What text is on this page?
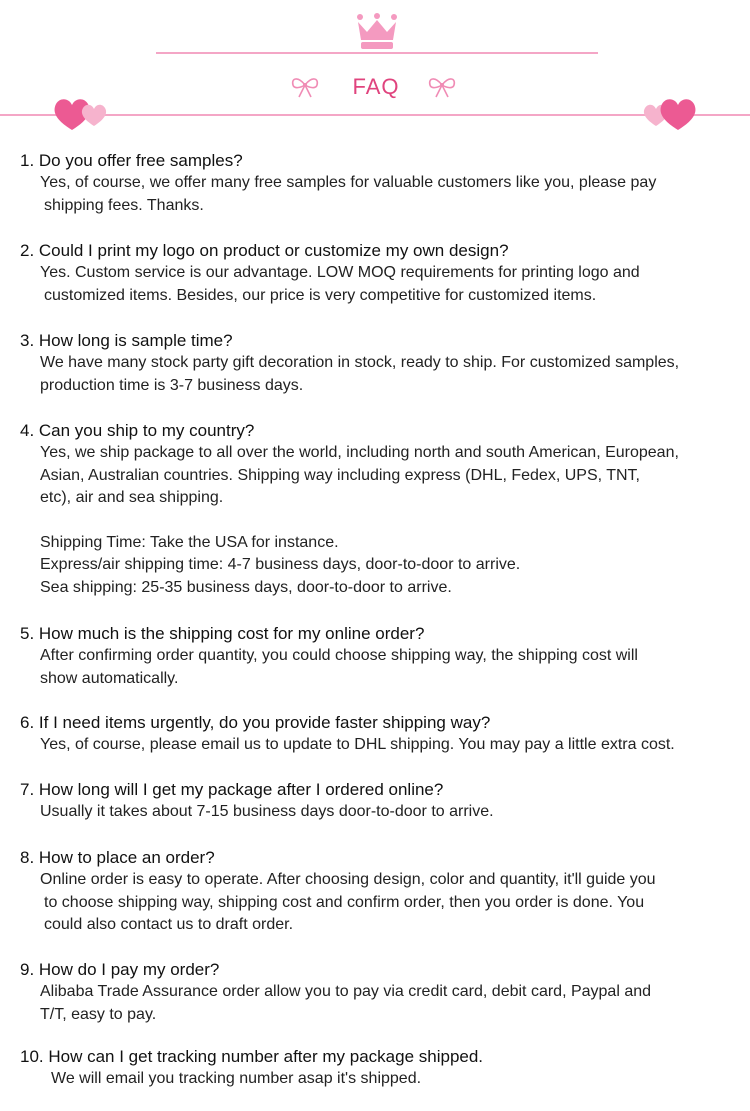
FAQ
1. Do you offer free samples?
Yes, of course, we offer many free samples for valuable customers like you, please pay
shipping fees. Thanks.
2. Could I print my logo on product or customize my own design?
Yes. Custom service is our advantage. LOW MOQ requirements for printing logo and
customized items. Besides, our price is very competitive for customized items.
3. How long is sample time?
We have many stock party gift decoration in stock, ready to ship. For customized samples,
production time is 3-7 business days.
4. Can you ship to my country?
Yes, we ship package to all over the world, including north and south American, European,
Asian, Australian countries. Shipping way including express (DHL, Fedex, UPS, TNT,
etc), air and sea shipping.
Shipping Time: Take the USA for instance.
Express/air shipping time: 4-7 business days, door-to-door to arrive.
Sea shipping: 25-35 business days, door-to-door to arrive.
5. How much is the shipping cost for my online order?
After confirming order quantity, you could choose shipping way, the shipping cost will
show automatically.
6. If I need items urgently, do you provide faster shipping way?
Yes, of course, please email us to update to DHL shipping. You may pay a little extra cost.
7. How long will I get my package after I ordered online?
Usually it takes about 7-15 business days door-to-door to arrive.
8. How to place an order?
Online order is easy to operate. After choosing design, color and quantity, it'll guide you
to choose shipping way, shipping cost and confirm order, then you order is done. You
could also contact us to draft order.
9. How do I pay my order?
Alibaba Trade Assurance order allow you to pay via credit card, debit card, Paypal and
T/T, easy to pay.
10. How can I get tracking number after my package shipped.
We will email you tracking number asap it's shipped.
